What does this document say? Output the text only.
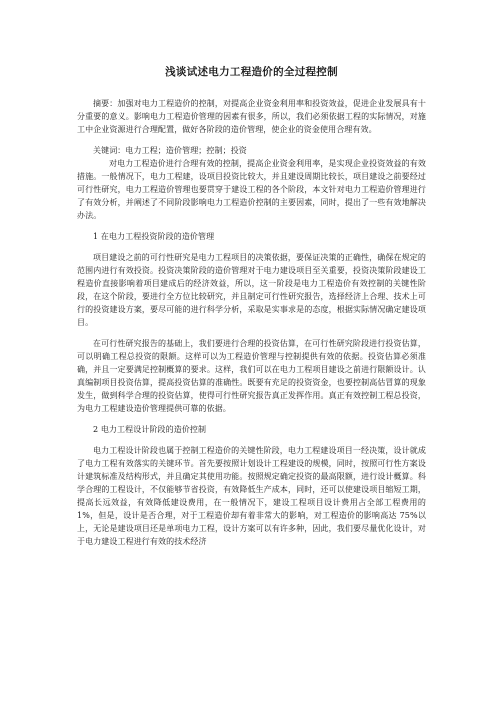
浅谈试述电力工程造价的全过程控制

摘要：加强对电力工程造价的控制，对提高企业资金利用率和投资效益，促进企业发展具有十分重要的意义。影响电力工程造价管理的因素有很多，所以，我们必须依据工程的实际情况，对施工中企业资源进行合理配置，做好各阶段的造价管理，使企业的资金使用合理有效。

关键词：电力工程；造价管理；控制；投资

对电力工程造价进行合理有效的控制，提高企业资金利用率，是实现企业投资效益的有效措施。一般情况下，电力工程建，设项目投资比较大，并且建设周期比较长，项目建设之前要经过可行性研究，电力工程造价管理也要贯穿于建设工程的各个阶段，本文针对电力工程造价管理进行了有效分析，并阐述了不同阶段影响电力工程造价控制的主要因素，同时，提出了一些有效地解决办法。

1 在电力工程投资阶段的造价管理

项目建设之前的可行性研究是电力工程项目的决策依据，要保证决策的正确性，确保在规定的范围内进行有效投资。投资决策阶段的造价管理对于电力建设项目至关重要，投资决策阶段建设工程造价直接影响着项目建成后的经济效益，所以，这一阶段是电力工程造价有效控制的关键性阶段，在这个阶段，要进行全方位比较研究，并且制定可行性研究报告，选择经济上合理、技术上可行的投资建设方案，要尽可能的进行科学分析，采取是实事求是的态度，根据实际情况确定建设项目。

在可行性研究报告的基础上，我们要进行合理的投资估算，在可行性研究阶段进行投资估算，可以明确工程总投资的限额。这样可以为工程造价管理与控制提供有效的依据。投资估算必须准确，并且一定要满足控制概算的要求。这样，我们可以在电力工程项目建设之前进行限额设计。认真编制项目投资估算，提高投资估算的准确性。既要有充足的投资资金，也要控制高估冒算的现象发生，做到科学合理的投资估算，使得可行性研究报告真正发挥作用。真正有效控制工程总投资，为电力工程建设造价管理提供可靠的依据。

2 电力工程设计阶段的造价控制

电力工程设计阶段也属于控制工程造价的关键性阶段，电力工程建设项目一经决策，设计就成了电力工程有效落实的关键环节。首先要按照计划设计工程建设的规模，同时，按照可行性方案设计建筑标准及结构形式，并且确定其使用功能。按照规定确定投资的最高限额，进行设计概算。科学合理的工程设计，不仅能够节省投资，有效降低生产成本，同时，还可以使建设项目缩短工期，提高长远效益，有效降低建设费用，在一般情况下，建设工程项目设计费用占全部工程费用的1%，但是，设计是否合理，对于工程造价却有着非常大的影响，对工程造价的影响高达 75%以上，无论是建设项目还是单项电力工程，设计方案可以有许多种，因此，我们要尽量优化设计，对于电力建设工程进行有效的技术经济
